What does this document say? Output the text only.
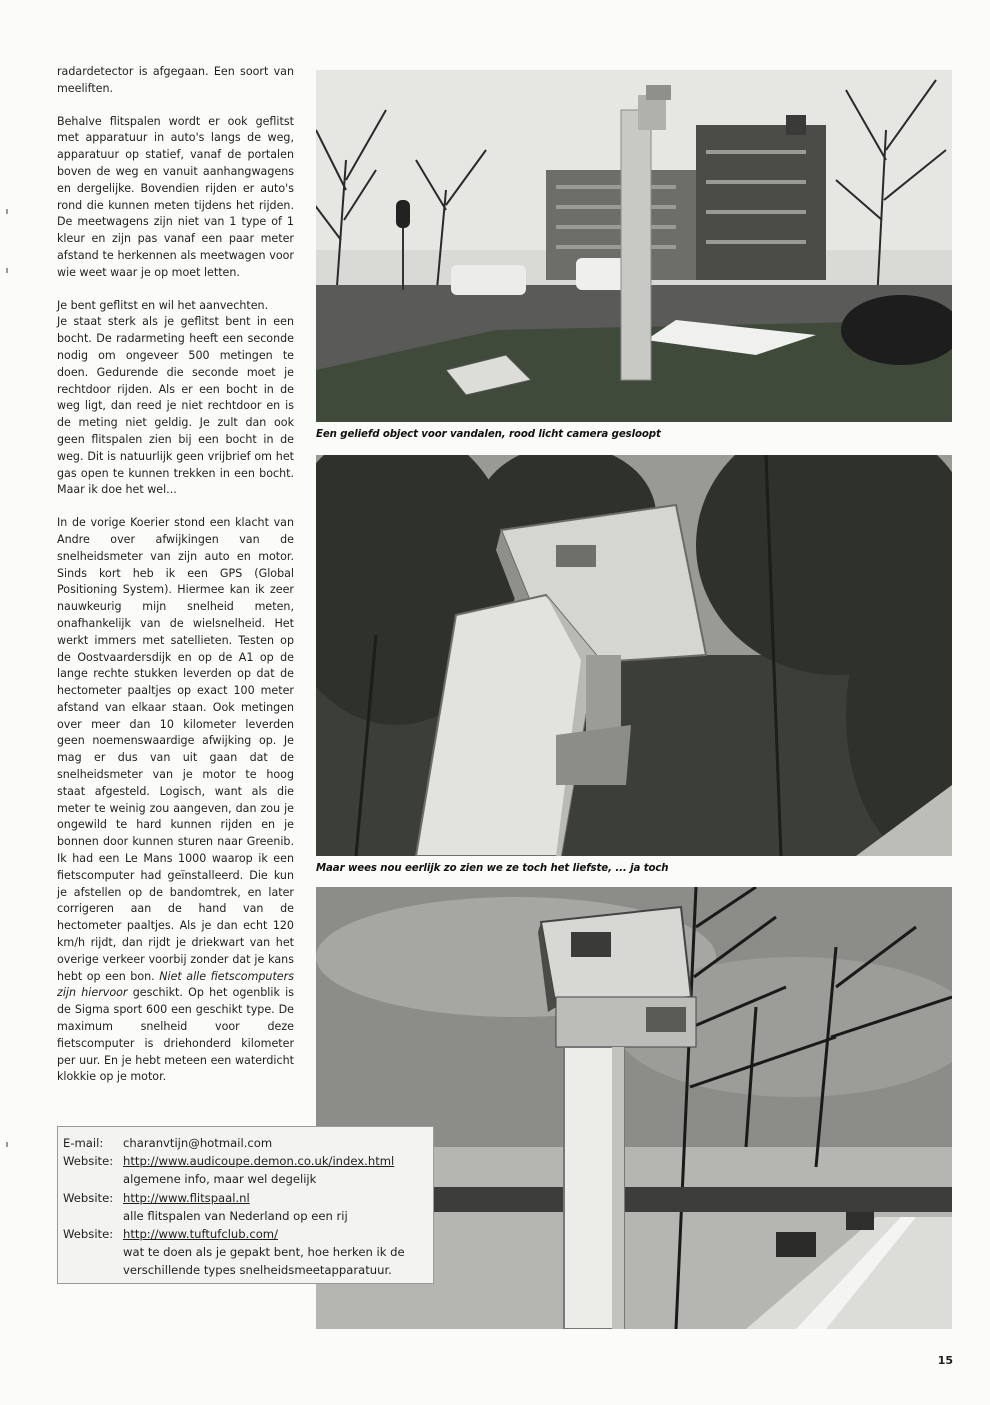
radardetector is afgegaan. Een soort van meeliften.

Behalve flitspalen wordt er ook geflitst met apparatuur in auto's langs de weg, apparatuur op statief, vanaf de portalen boven de weg en vanuit aanhangwagens en dergelijke. Bovendien rijden er auto's rond die kunnen meten tijdens het rijden. De meetwagens zijn niet van 1 type of 1 kleur en zijn pas vanaf een paar meter afstand te herkennen als meetwagen voor wie weet waar je op moet letten.

Je bent geflitst en wil het aanvechten.
Je staat sterk als je geflitst bent in een bocht. De radarmeting heeft een seconde nodig om ongeveer 500 metingen te doen. Gedurende die seconde moet je rechtdoor rijden. Als er een bocht in de weg ligt, dan reed je niet rechtdoor en is de meting niet geldig. Je zult dan ook geen flitspalen zien bij een bocht in de weg. Dit is natuurlijk geen vrijbrief om het gas open te kunnen trekken in een bocht. Maar ik doe het wel...

In de vorige Koerier stond een klacht van Andre over afwijkingen van de snelheidsmeter van zijn auto en motor. Sinds kort heb ik een GPS (Global Positioning System). Hiermee kan ik zeer nauwkeurig mijn snelheid meten, onafhankelijk van de wielsnelheid. Het werkt immers met satellieten. Testen op de Oostvaardersdijk en op de A1 op de lange rechte stukken leverden op dat de hectometer paaltjes op exact 100 meter afstand van elkaar staan. Ook metingen over meer dan 10 kilometer leverden geen noemenswaardige afwijking op. Je mag er dus van uit gaan dat de snelheidsmeter van je motor te hoog staat afgesteld. Logisch, want als die meter te weinig zou aangeven, dan zou je ongewild te hard kunnen rijden en je bonnen door kunnen sturen naar Greenib. Ik had een Le Mans 1000 waarop ik een fietscomputer had geïnstalleerd. Die kun je afstellen op de bandomtrek, en later corrigeren aan de hand van de hectometer paaltjes. Als je dan echt 120 km/h rijdt, dan rijdt je driekwart van het overige verkeer voorbij zonder dat je kans hebt op een bon. Niet alle fietscomputers zijn hiervoor geschikt. Op het ogenblik is de Sigma sport 600 een geschikt type. De maximum snelheid voor deze fietscomputer is driehonderd kilometer per uur. En je hebt meteen een waterdicht klokkie op je motor.

Een geliefd object voor vandalen, rood licht camera gesloopt
Maar wees nou eerlijk zo zien we ze toch het liefste, ... ja toch
E-mail:	charanvtijn@hotmail.com
Website: http://www.audicoupe.demon.co.uk/index.html
algemene info, maar wel degelijk
Website: http://www.flitspaal.nl
alle flitspalen van Nederland op een rij
Website: http://www.tuftufclub.com/
wat te doen als je gepakt bent, hoe herken ik de verschillende types snelheidsmeetapparatuur.
15
